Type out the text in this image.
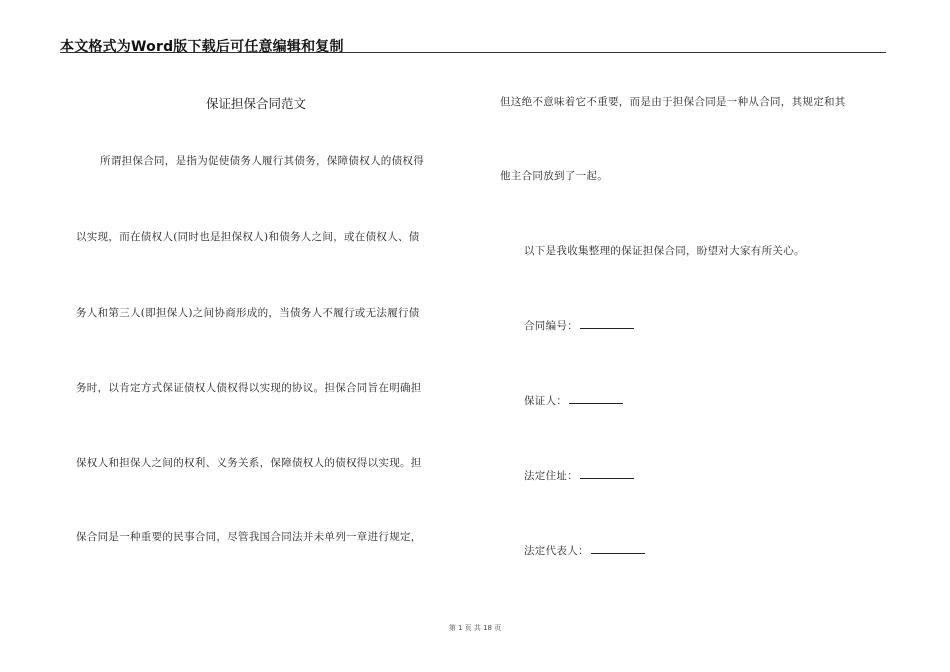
本文格式为Word版下载后可任意编辑和复制
保证担保合同范文
所谓担保合同，是指为促使债务人履行其债务，保障债权人的债权得
以实现，而在债权人(同时也是担保权人)和债务人之间，或在债权人、债
务人和第三人(即担保人)之间协商形成的，当债务人不履行或无法履行债
务时，以肯定方式保证债权人债权得以实现的协议。担保合同旨在明确担
保权人和担保人之间的权利、义务关系，保障债权人的债权得以实现。担
保合同是一种重要的民事合同，尽管我国合同法并未单列一章进行规定，
但这绝不意味着它不重要，而是由于担保合同是一种从合同，其规定和其
他主合同放到了一起。
以下是我收集整理的保证担保合同，盼望对大家有所关心。
合同编号：
保证人：
法定住址：
法定代表人：
第 1 页 共 18 页
